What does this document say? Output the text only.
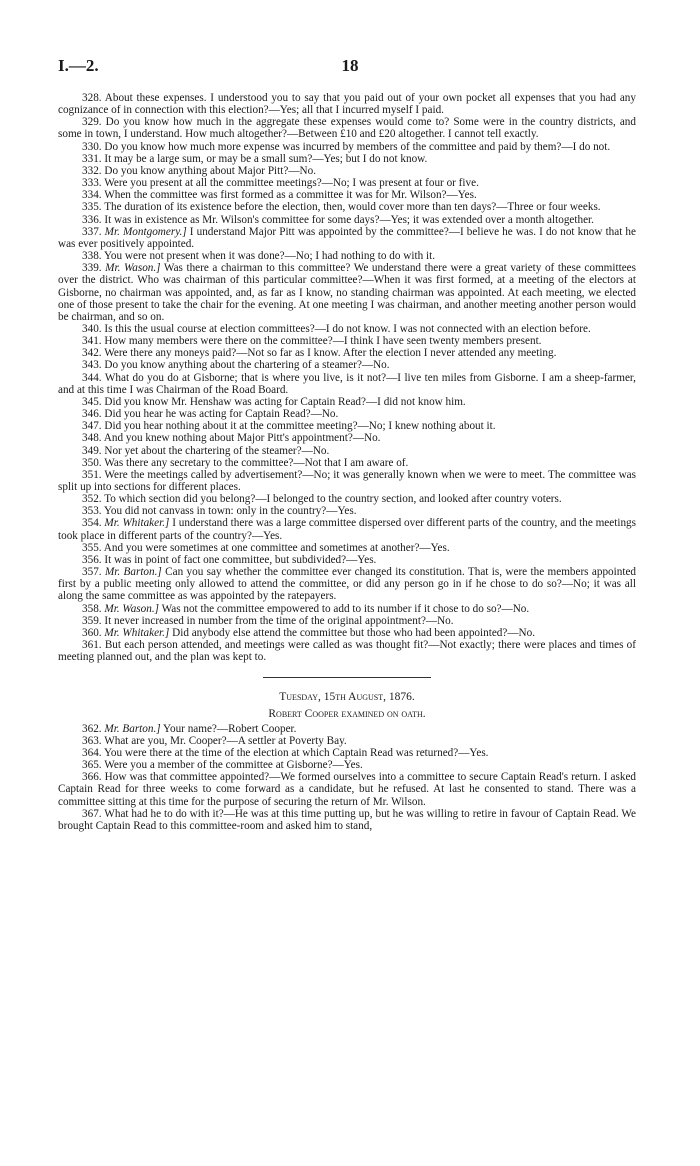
I.—2.	18

328. About these expenses. I understood you to say that you paid out of your own pocket all expenses that you had any cognizance of in connection with this election?—Yes; all that I incurred myself I paid.

329. Do you know how much in the aggregate these expenses would come to? Some were in the country districts, and some in town, I understand. How much altogether?—Between £10 and £20 altogether. I cannot tell exactly.

330. Do you know how much more expense was incurred by members of the committee and paid by them?—I do not.

331. It may be a large sum, or may be a small sum?—Yes; but I do not know.

332. Do you know anything about Major Pitt?—No.

333. Were you present at all the committee meetings?—No; I was present at four or five.

334. When the committee was first formed as a committee it was for Mr. Wilson?—Yes.

335. The duration of its existence before the election, then, would cover more than ten days?—Three or four weeks.

336. It was in existence as Mr. Wilson's committee for some days?—Yes; it was extended over a month altogether.

337. Mr. Montgomery.] I understand Major Pitt was appointed by the committee?—I believe he was. I do not know that he was ever positively appointed.

338. You were not present when it was done?—No; I had nothing to do with it.

339. Mr. Wason.] Was there a chairman to this committee? We understand there were a great variety of these committees over the district. Who was chairman of this particular committee?—When it was first formed, at a meeting of the electors at Gisborne, no chairman was appointed, and, as far as I know, no standing chairman was appointed. At each meeting, we elected one of those present to take the chair for the evening. At one meeting I was chairman, and another meeting another person would be chairman, and so on.

340. Is this the usual course at election committees?—I do not know. I was not connected with an election before.

341. How many members were there on the committee?—I think I have seen twenty members present.

342. Were there any moneys paid?—Not so far as I know. After the election I never attended any meeting.

343. Do you know anything about the chartering of a steamer?—No.

344. What do you do at Gisborne; that is where you live, is it not?—I live ten miles from Gisborne. I am a sheep-farmer, and at this time I was Chairman of the Road Board.

345. Did you know Mr. Henshaw was acting for Captain Read?—I did not know him.

346. Did you hear he was acting for Captain Read?—No.

347. Did you hear nothing about it at the committee meeting?—No; I knew nothing about it.

348. And you knew nothing about Major Pitt's appointment?—No.

349. Nor yet about the chartering of the steamer?—No.

350. Was there any secretary to the committee?—Not that I am aware of.

351. Were the meetings called by advertisement?—No; it was generally known when we were to meet. The committee was split up into sections for different places.

352. To which section did you belong?—I belonged to the country section, and looked after country voters.

353. You did not canvass in town: only in the country?—Yes.

354. Mr. Whitaker.] I understand there was a large committee dispersed over different parts of the country, and the meetings took place in different parts of the country?—Yes.

355. And you were sometimes at one committee and sometimes at another?—Yes.

356. It was in point of fact one committee, but subdivided?—Yes.

357. Mr. Barton.] Can you say whether the committee ever changed its constitution. That is, were the members appointed first by a public meeting only allowed to attend the committee, or did any person go in if he chose to do so?—No; it was all along the same committee as was appointed by the ratepayers.

358. Mr. Wason.] Was not the committee empowered to add to its number if it chose to do so?—No.

359. It never increased in number from the time of the original appointment?—No.

360. Mr. Whitaker.] Did anybody else attend the committee but those who had been appointed?—No.

361. But each person attended, and meetings were called as was thought fit?—Not exactly; there were places and times of meeting planned out, and the plan was kept to.

Tuesday, 15th August, 1876.
Robert Cooper examined on oath.

362. Mr. Barton.] Your name?—Robert Cooper.

363. What are you, Mr. Cooper?—A settler at Poverty Bay.

364. You were there at the time of the election at which Captain Read was returned?—Yes.

365. Were you a member of the committee at Gisborne?—Yes.

366. How was that committee appointed?—We formed ourselves into a committee to secure Captain Read's return. I asked Captain Read for three weeks to come forward as a candidate, but he refused. At last he consented to stand. There was a committee sitting at this time for the purpose of securing the return of Mr. Wilson.

367. What had he to do with it?—He was at this time putting up, but he was willing to retire in favour of Captain Read. We brought Captain Read to this committee-room and asked him to stand,
